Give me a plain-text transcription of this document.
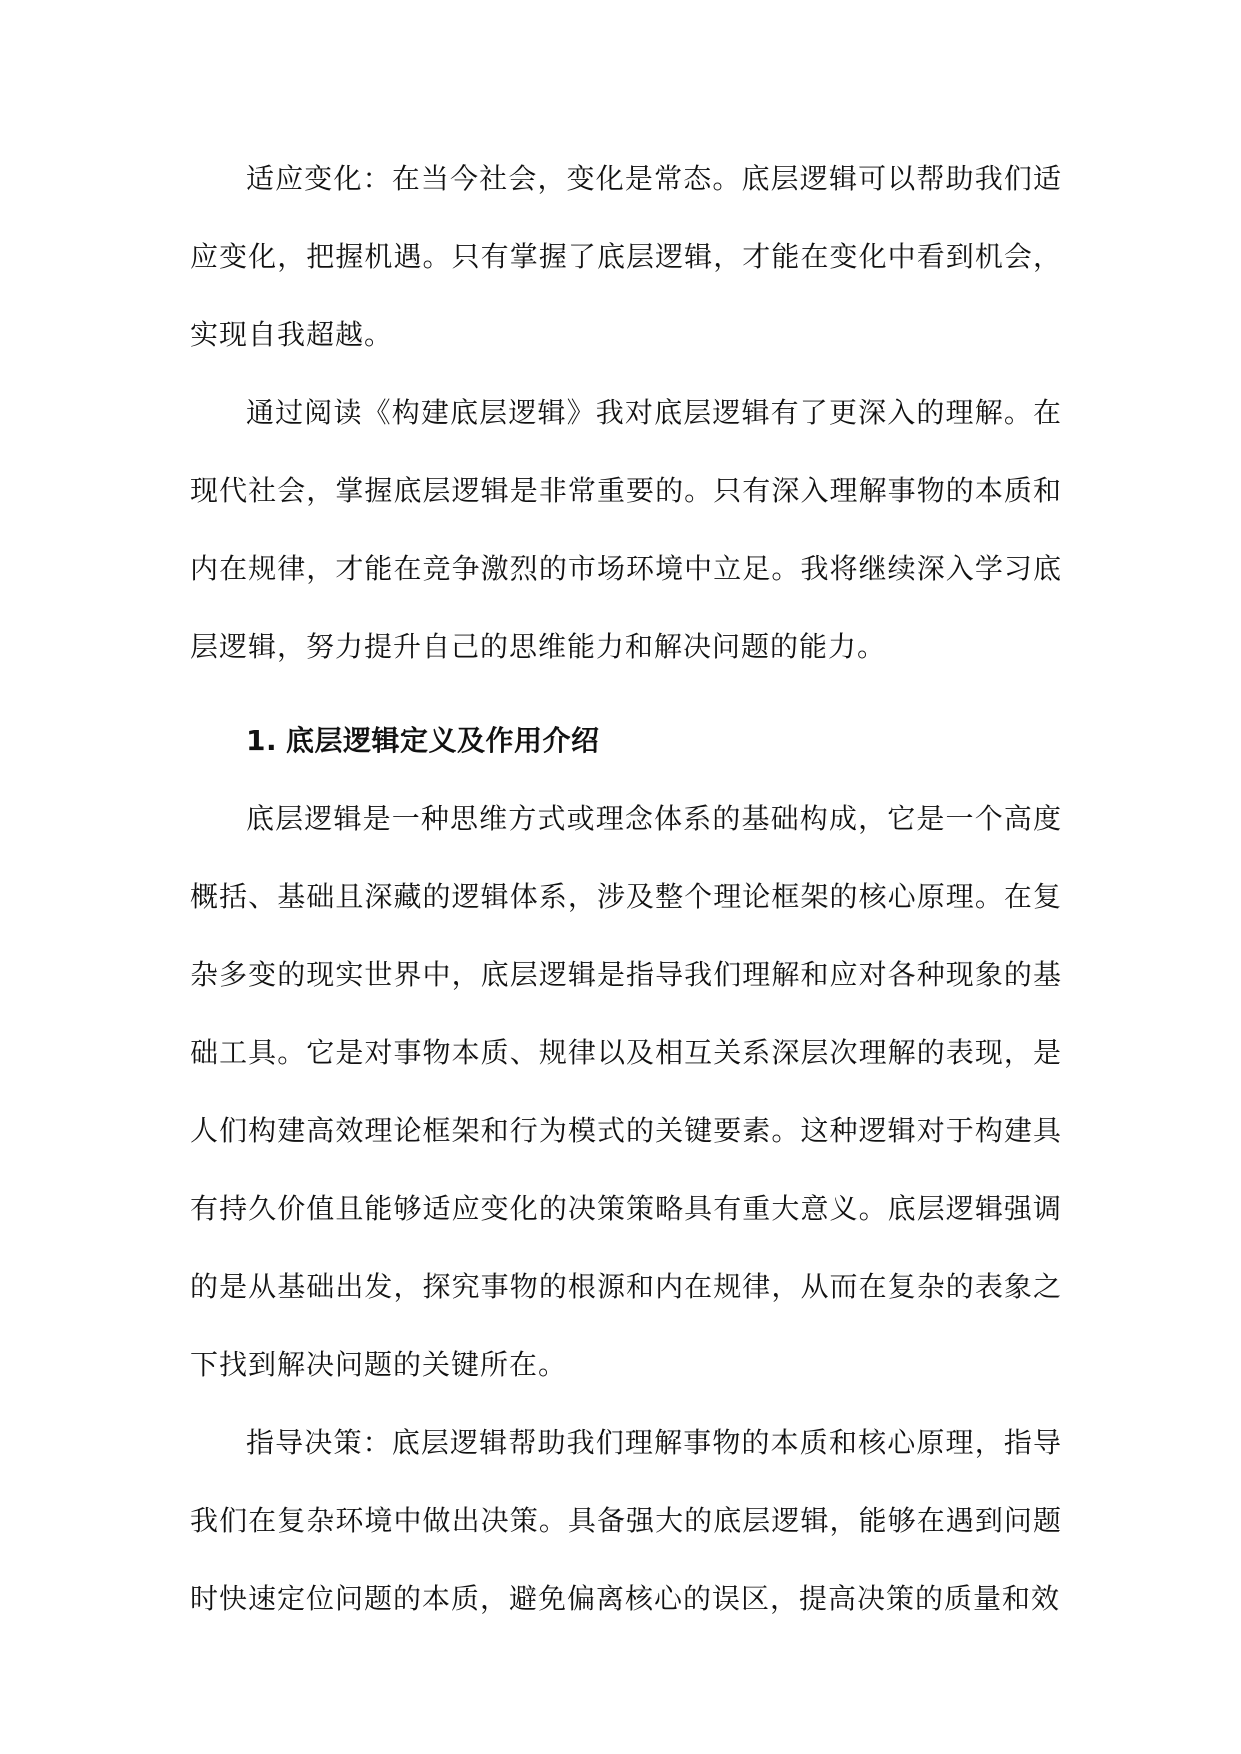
适应变化：在当今社会，变化是常态。底层逻辑可以帮助我们适应变化，把握机遇。只有掌握了底层逻辑，才能在变化中看到机会，实现自我超越。

通过阅读《构建底层逻辑》我对底层逻辑有了更深入的理解。在现代社会，掌握底层逻辑是非常重要的。只有深入理解事物的本质和内在规律，才能在竞争激烈的市场环境中立足。我将继续深入学习底层逻辑，努力提升自己的思维能力和解决问题的能力。

1. 底层逻辑定义及作用介绍

底层逻辑是一种思维方式或理念体系的基础构成，它是一个高度概括、基础且深藏的逻辑体系，涉及整个理论框架的核心原理。在复杂多变的现实世界中，底层逻辑是指导我们理解和应对各种现象的基础工具。它是对事物本质、规律以及相互关系深层次理解的表现，是人们构建高效理论框架和行为模式的关键要素。这种逻辑对于构建具有持久价值且能够适应变化的决策策略具有重大意义。底层逻辑强调的是从基础出发，探究事物的根源和内在规律，从而在复杂的表象之下找到解决问题的关键所在。

指导决策：底层逻辑帮助我们理解事物的本质和核心原理，指导我们在复杂环境中做出决策。具备强大的底层逻辑，能够在遇到问题时快速定位问题的本质，避免偏离核心的误区，提高决策的质量和效
